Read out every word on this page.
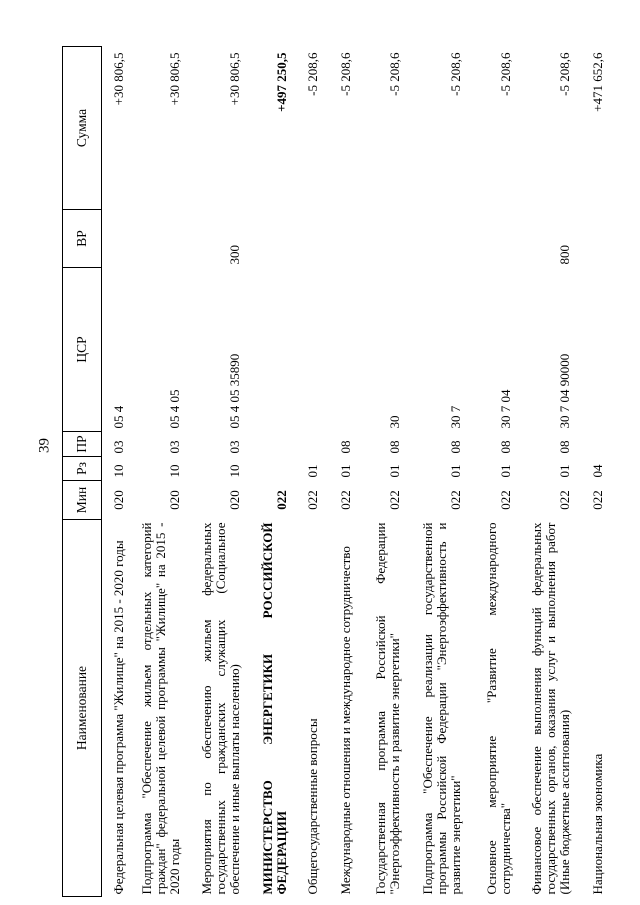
39
Наименование	Мин	Рз	ПР	ЦСР	ВР	Сумма
Федеральная целевая программа "Жилище" на 2015 - 2020 годы	020	10	03	05 4		+30 806,5
Подпрограмма "Обеспечение жильем отдельных категорий граждан" федеральной целевой программы "Жилище" на 2015 - 2020 годы	020	10	03	05 4 05		+30 806,5
Мероприятия по обеспечению жильем федеральных государственных гражданских служащих (Социальное обеспечение и иные выплаты населению)	020	10	03	05 4 05 35890	300	+30 806,5
МИНИСТЕРСТВО ЭНЕРГЕТИКИ РОССИЙСКОЙ ФЕДЕРАЦИИ	022					+497 250,5
Общегосударственные вопросы	022	01				-5 208,6
Международные отношения и международное сотрудничество	022	01	08			-5 208,6
Государственная программа Российской Федерации "Энергоэффективность и развитие энергетики"	022	01	08	30		-5 208,6
Подпрограмма "Обеспечение реализации государственной программы Российской Федерации "Энергоэффективность и развитие энергетики"	022	01	08	30 7		-5 208,6
Основное мероприятие "Развитие международного сотрудничества"	022	01	08	30 7 04		-5 208,6
Финансовое обеспечение выполнения функций федеральных государственных органов, оказания услуг и выполнения работ (Иные бюджетные ассигнования)	022	01	08	30 7 04 90000	800	-5 208,6
Национальная экономика	022	04				+471 652,6
